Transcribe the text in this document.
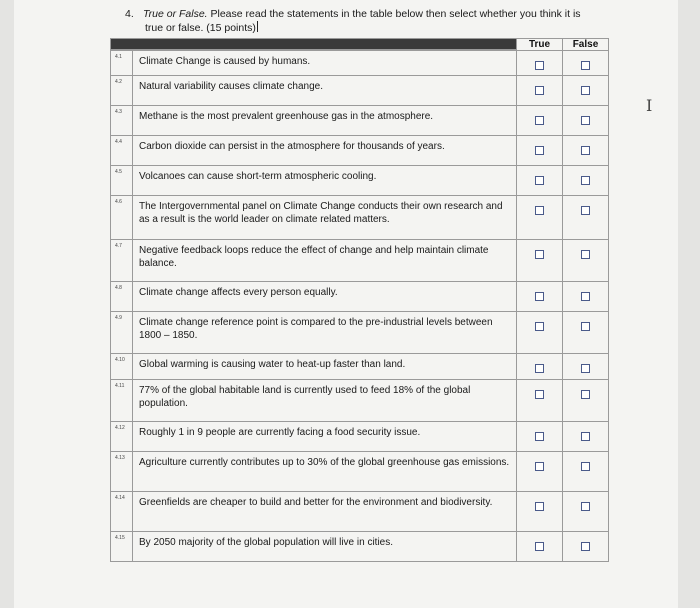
4. True or False. Please read the statements in the table below then select whether you think it is
true or false. (15 points)
I
		True	False

4.1	Climate Change is caused by humans.		
4.2	Natural variability causes climate change.		
4.3	Methane is the most prevalent greenhouse gas in the atmosphere.		
4.4	Carbon dioxide can persist in the atmosphere for thousands of years.		
4.5	Volcanoes can cause short-term atmospheric cooling.		
4.6	The Intergovernmental panel on Climate Change conducts their own research and as a result is the world leader on climate related matters.		
4.7	Negative feedback loops reduce the effect of change and help maintain climate balance.		
4.8	Climate change affects every person equally.		
4.9	Climate change reference point is compared to the pre-industrial levels between 1800 – 1850.		
4.10	Global warming is causing water to heat-up faster than land.		
4.11	77% of the global habitable land is currently used to feed 18% of the global population.		
4.12	Roughly 1 in 9 people are currently facing a food security issue.		
4.13	Agriculture currently contributes up to 30% of the global greenhouse gas emissions.		
4.14	Greenfields are cheaper to build and better for the environment and biodiversity.		
4.15	By 2050 majority of the global population will live in cities.		
